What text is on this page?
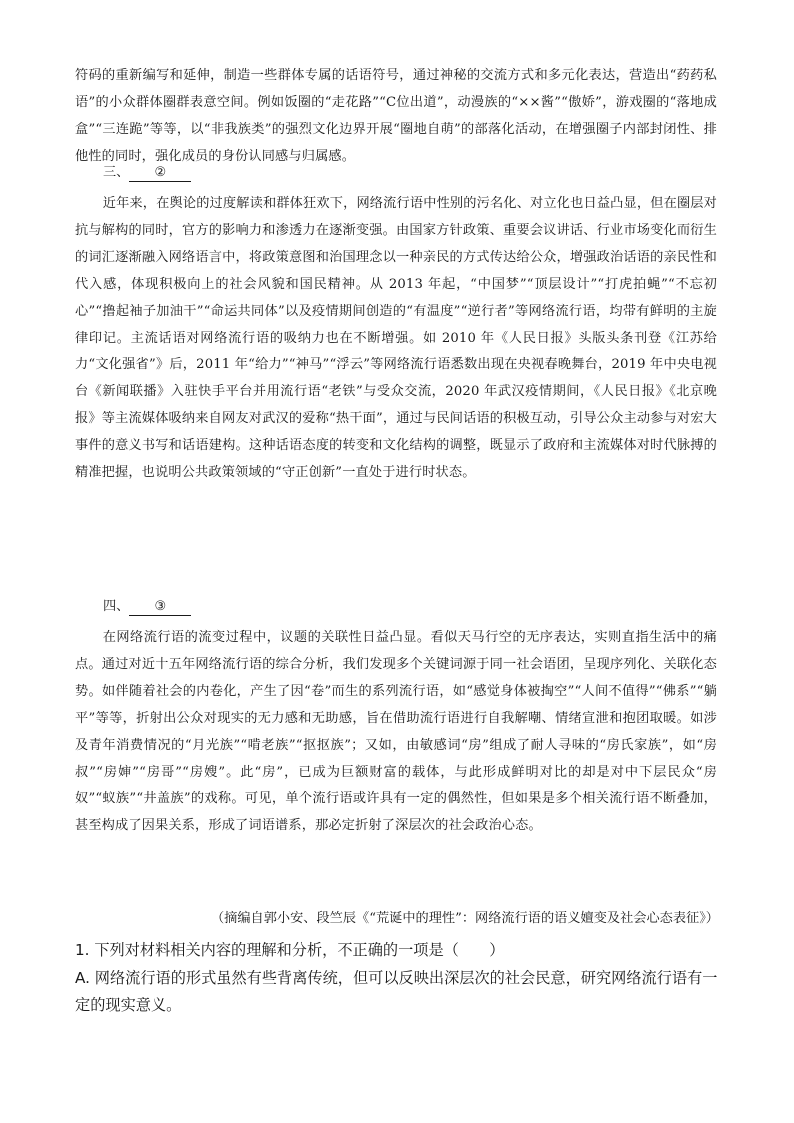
符码的重新编写和延伸，制造一些群体专属的话语符号，通过神秘的交流方式和多元化表达，营造出“药药私语”的小众群体圈群表意空间。例如饭圈的“走花路”“C位出道”，动漫族的“××酱”“傲娇”，游戏圈的“落地成盒”“三连跪”等等，以“非我族类”的强烈文化边界开展“圈地自萌”的部落化活动，在增强圈子内部封闭性、排他性的同时，强化成员的身份认同感与归属感。

三、 ②

近年来，在舆论的过度解读和群体狂欢下，网络流行语中性别的污名化、对立化也日益凸显，但在圈层对抗与解构的同时，官方的影响力和渗透力在逐渐变强。由国家方针政策、重要会议讲话、行业市场变化而衍生的词汇逐渐融入网络语言中，将政策意图和治国理念以一种亲民的方式传达给公众，增强政治话语的亲民性和代入感，体现积极向上的社会风貌和国民精神。从 2013 年起，“中国梦”“顶层设计”“打虎拍蝇”“不忘初心”“撸起袖子加油干”“命运共同体”以及疫情期间创造的“有温度”“逆行者”等网络流行语，均带有鲜明的主旋律印记。主流话语对网络流行语的吸纳力也在不断增强。如 2010 年《人民日报》头版头条刊登《江苏给力“文化强省”》后，2011 年“给力”“神马”“浮云”等网络流行语悉数出现在央视春晚舞台，2019 年中央电视台《新闻联播》入驻快手平台并用流行语“老铁”与受众交流，2020 年武汉疫情期间，《人民日报》《北京晚报》等主流媒体吸纳来自网友对武汉的爱称“热干面”，通过与民间话语的积极互动，引导公众主动参与对宏大事件的意义书写和话语建构。这种话语态度的转变和文化结构的调整，既显示了政府和主流媒体对时代脉搏的精准把握，也说明公共政策领域的“守正创新”一直处于进行时状态。

四、 ③

在网络流行语的流变过程中，议题的关联性日益凸显。看似天马行空的无序表达，实则直指生活中的痛点。通过对近十五年网络流行语的综合分析，我们发现多个关键词源于同一社会语团，呈现序列化、关联化态势。如伴随着社会的内卷化，产生了因“卷”而生的系列流行语，如“感觉身体被掏空”“人间不值得”“佛系”“躺平”等等，折射出公众对现实的无力感和无助感，旨在借助流行语进行自我解嘲、情绪宣泄和抱团取暖。如涉及青年消费情况的“月光族”“啃老族”“抠抠族”；又如，由敏感词“房”组成了耐人寻味的“房氏家族”，如“房叔”“房婶”“房哥”“房嫂”。此“房”，已成为巨额财富的载体，与此形成鲜明对比的却是对中下层民众“房奴”“蚁族”“井盖族”的戏称。可见，单个流行语或许具有一定的偶然性，但如果是多个相关流行语不断叠加，甚至构成了因果关系，形成了词语谱系，那必定折射了深层次的社会政治心态。

（摘编自郭小安、段竺辰《“荒诞中的理性”：网络流行语的语义嬗变及社会心态表征》）

1. 下列对材料相关内容的理解和分析，不正确的一项是（　　）

A. 网络流行语的形式虽然有些背离传统，但可以反映出深层次的社会民意，研究网络流行语有一定的现实意义。
